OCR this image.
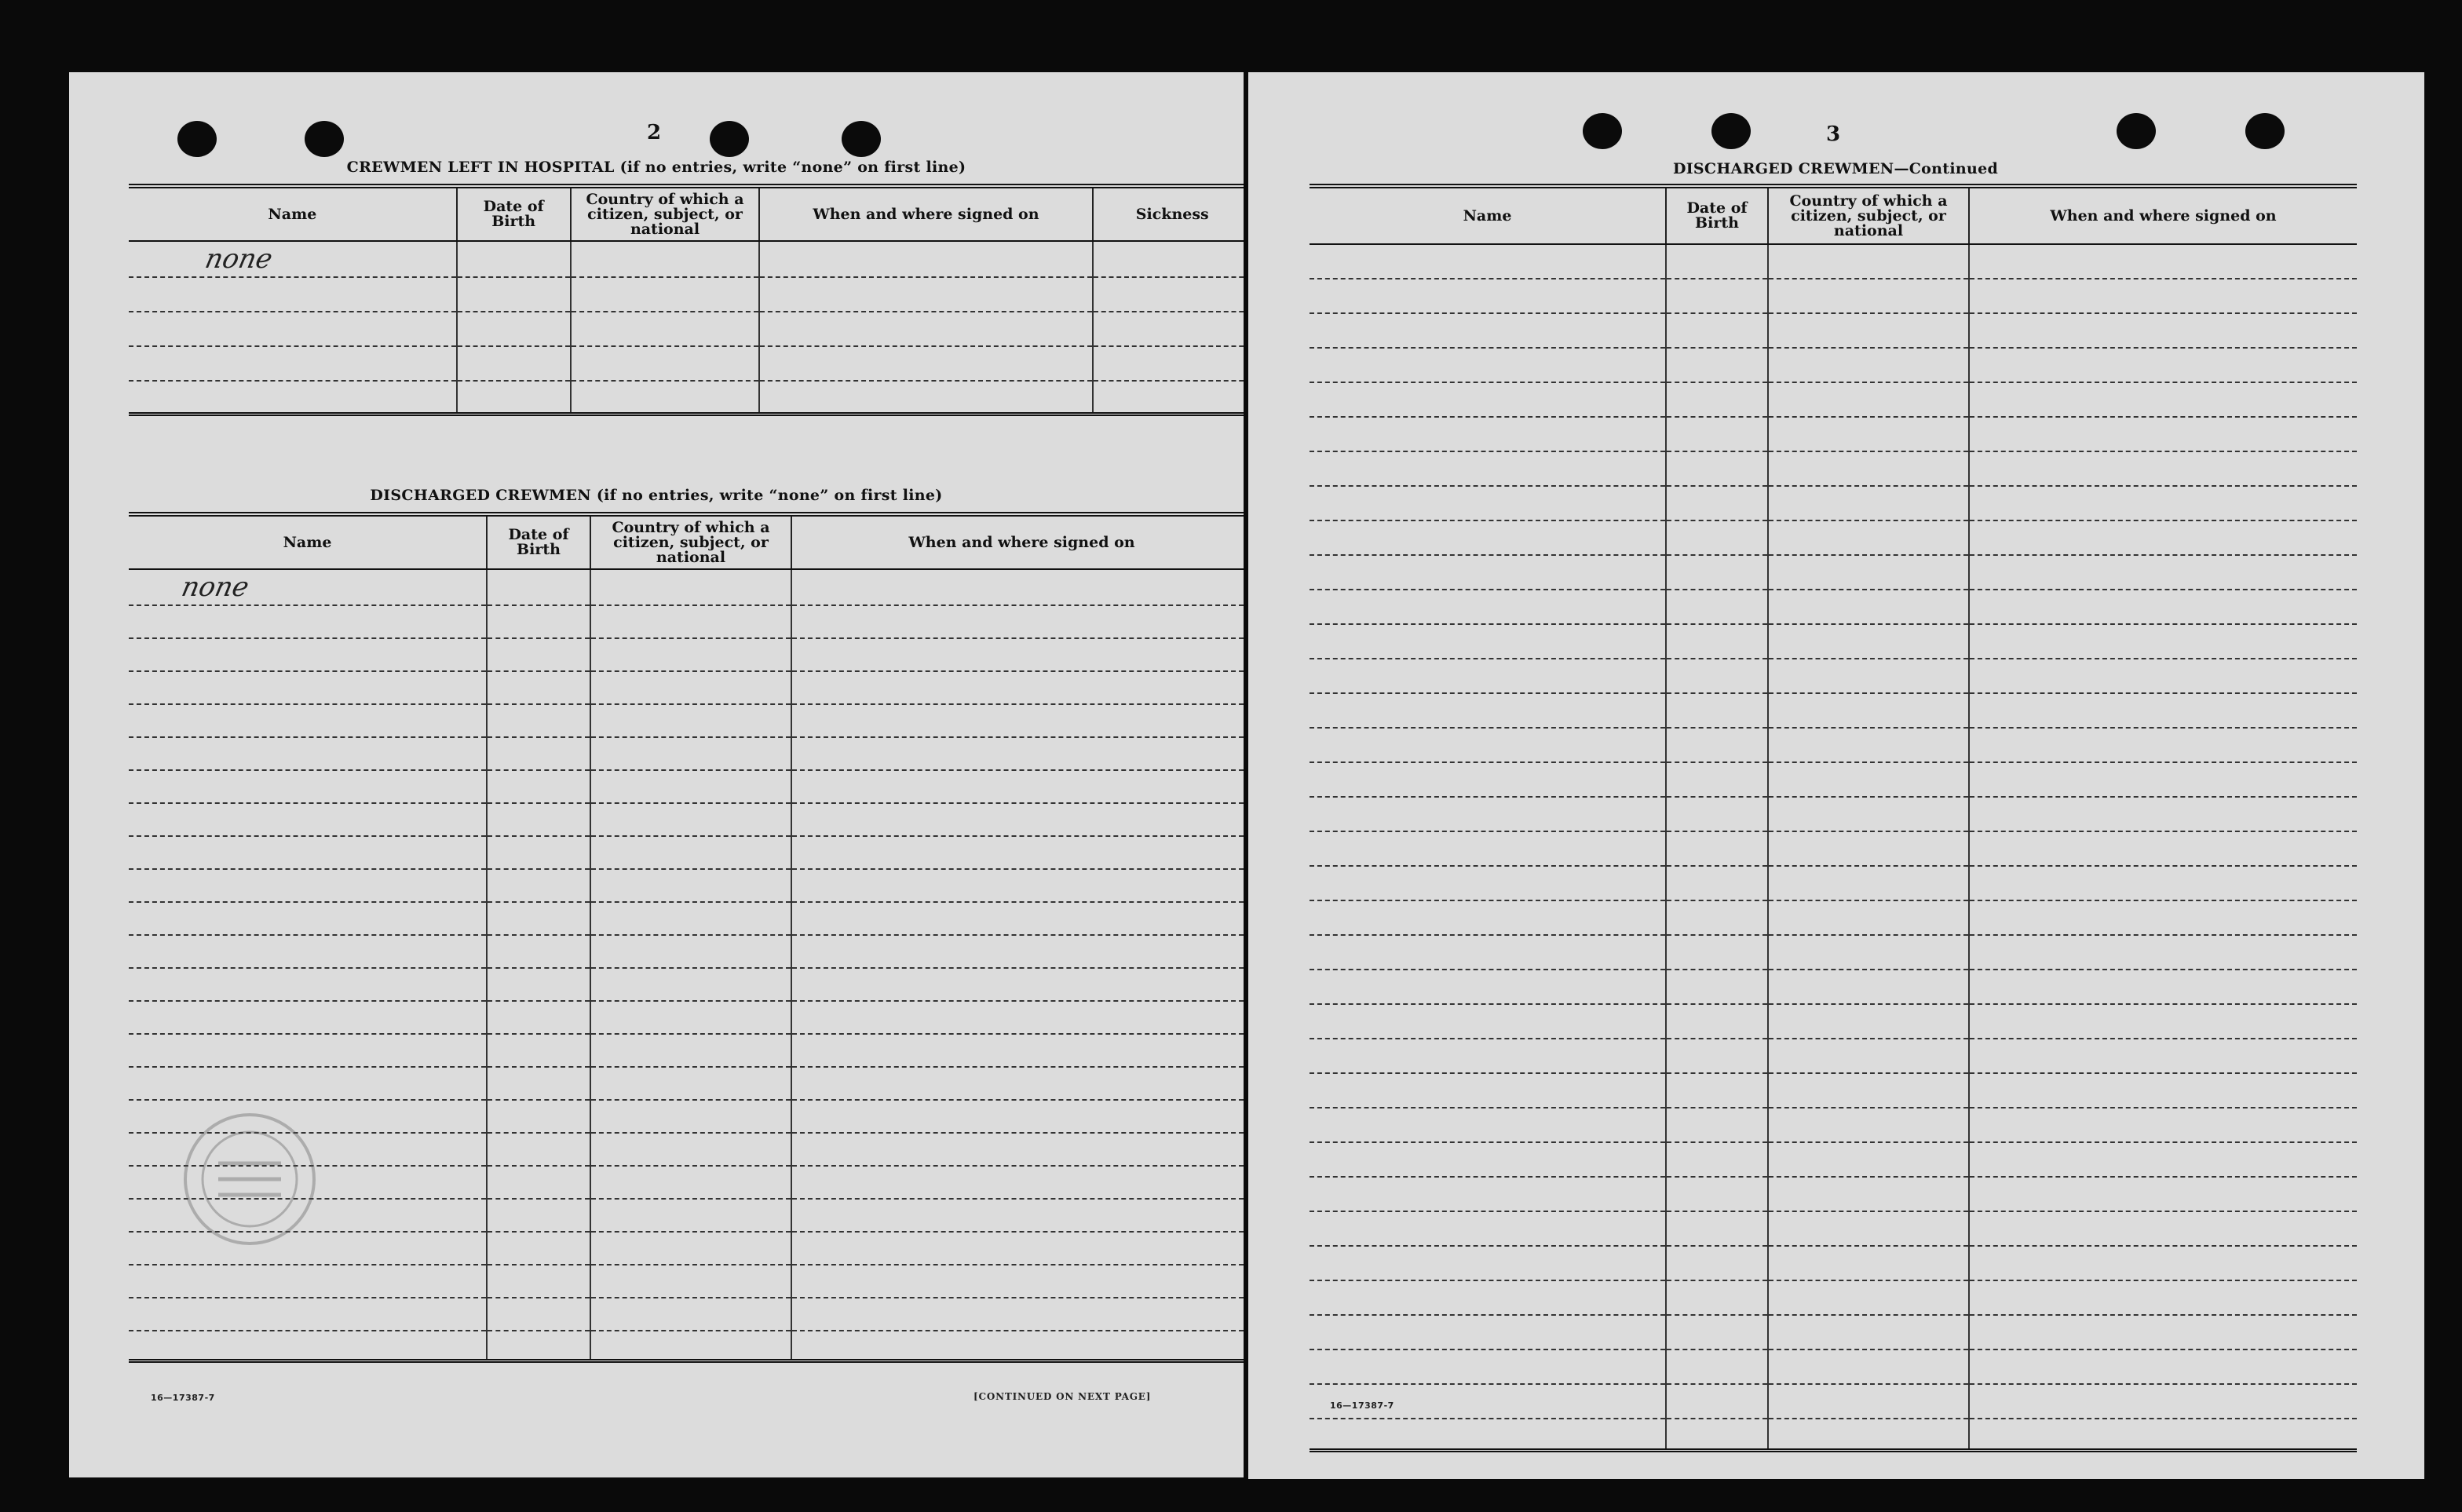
2
CREWMEN LEFT IN HOSPITAL (if no entries, write “none” on first line)
Name	Date of Birth	Country of which a citizen, subject, or national	When and where signed on	Sickness
none				

DISCHARGED CREWMEN (if no entries, write “none” on first line)
Name	Date of Birth	Country of which a citizen, subject, or national	When and where signed on
none			

16—17387-7	[CONTINUED ON NEXT PAGE]
3
DISCHARGED CREWMEN—Continued
Name	Date of Birth	Country of which a citizen, subject, or national	When and where signed on

16—17387-7
